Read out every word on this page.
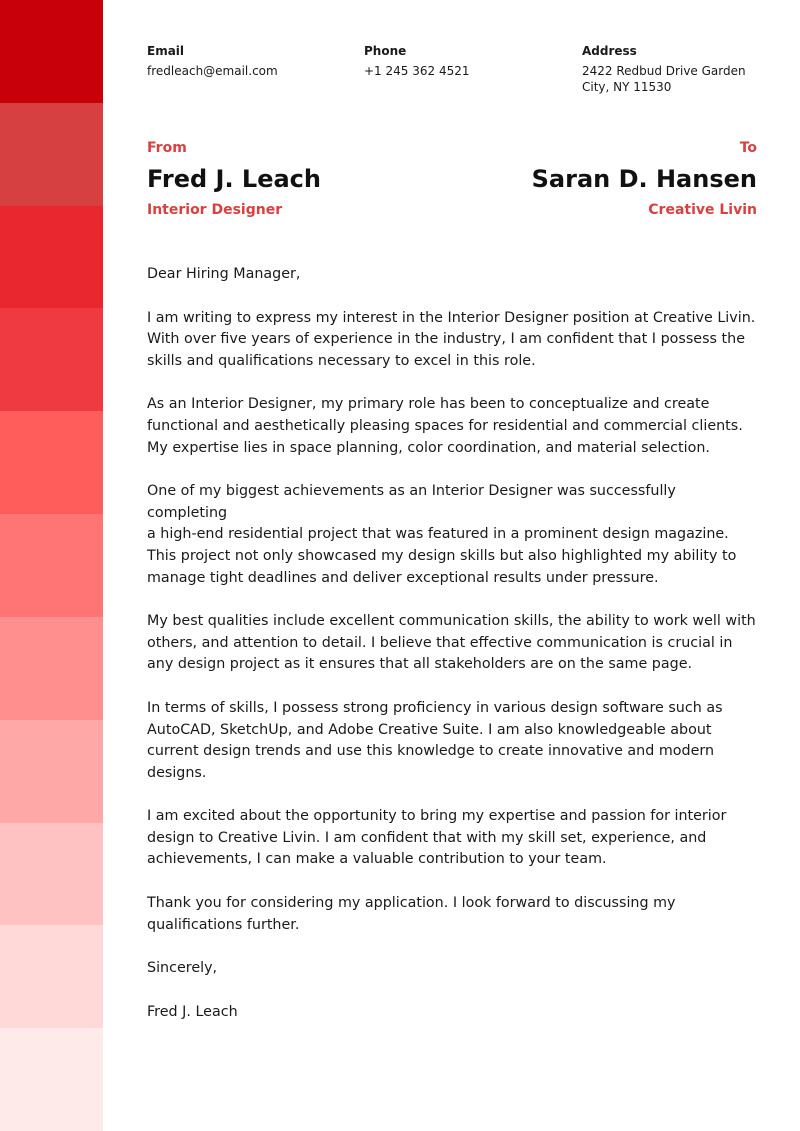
Email
fredleach@email.com
Phone
+1 245 362 4521
Address
2422 Redbud Drive Garden
City, NY 11530
From
Fred J. Leach
Interior Designer
To
Saran D. Hansen
Creative Livin

Dear Hiring Manager,

I am writing to express my interest in the Interior Designer position at Creative Livin. With over five years of experience in the industry, I am confident that I possess the skills and qualifications necessary to excel in this role.

As an Interior Designer, my primary role has been to conceptualize and create functional and aesthetically pleasing spaces for residential and commercial clients. My expertise lies in space planning, color coordination, and material selection.

One of my biggest achievements as an Interior Designer was successfully completing
a high-end residential project that was featured in a prominent design magazine. This project not only showcased my design skills but also highlighted my ability to manage tight deadlines and deliver exceptional results under pressure.

My best qualities include excellent communication skills, the ability to work well with others, and attention to detail. I believe that effective communication is crucial in any design project as it ensures that all stakeholders are on the same page.

In terms of skills, I possess strong proficiency in various design software such as AutoCAD, SketchUp, and Adobe Creative Suite. I am also knowledgeable about current design trends and use this knowledge to create innovative and modern designs.

I am excited about the opportunity to bring my expertise and passion for interior design to Creative Livin. I am confident that with my skill set, experience, and achievements, I can make a valuable contribution to your team.

Thank you for considering my application. I look forward to discussing my qualifications further.

Sincerely,

Fred J. Leach
